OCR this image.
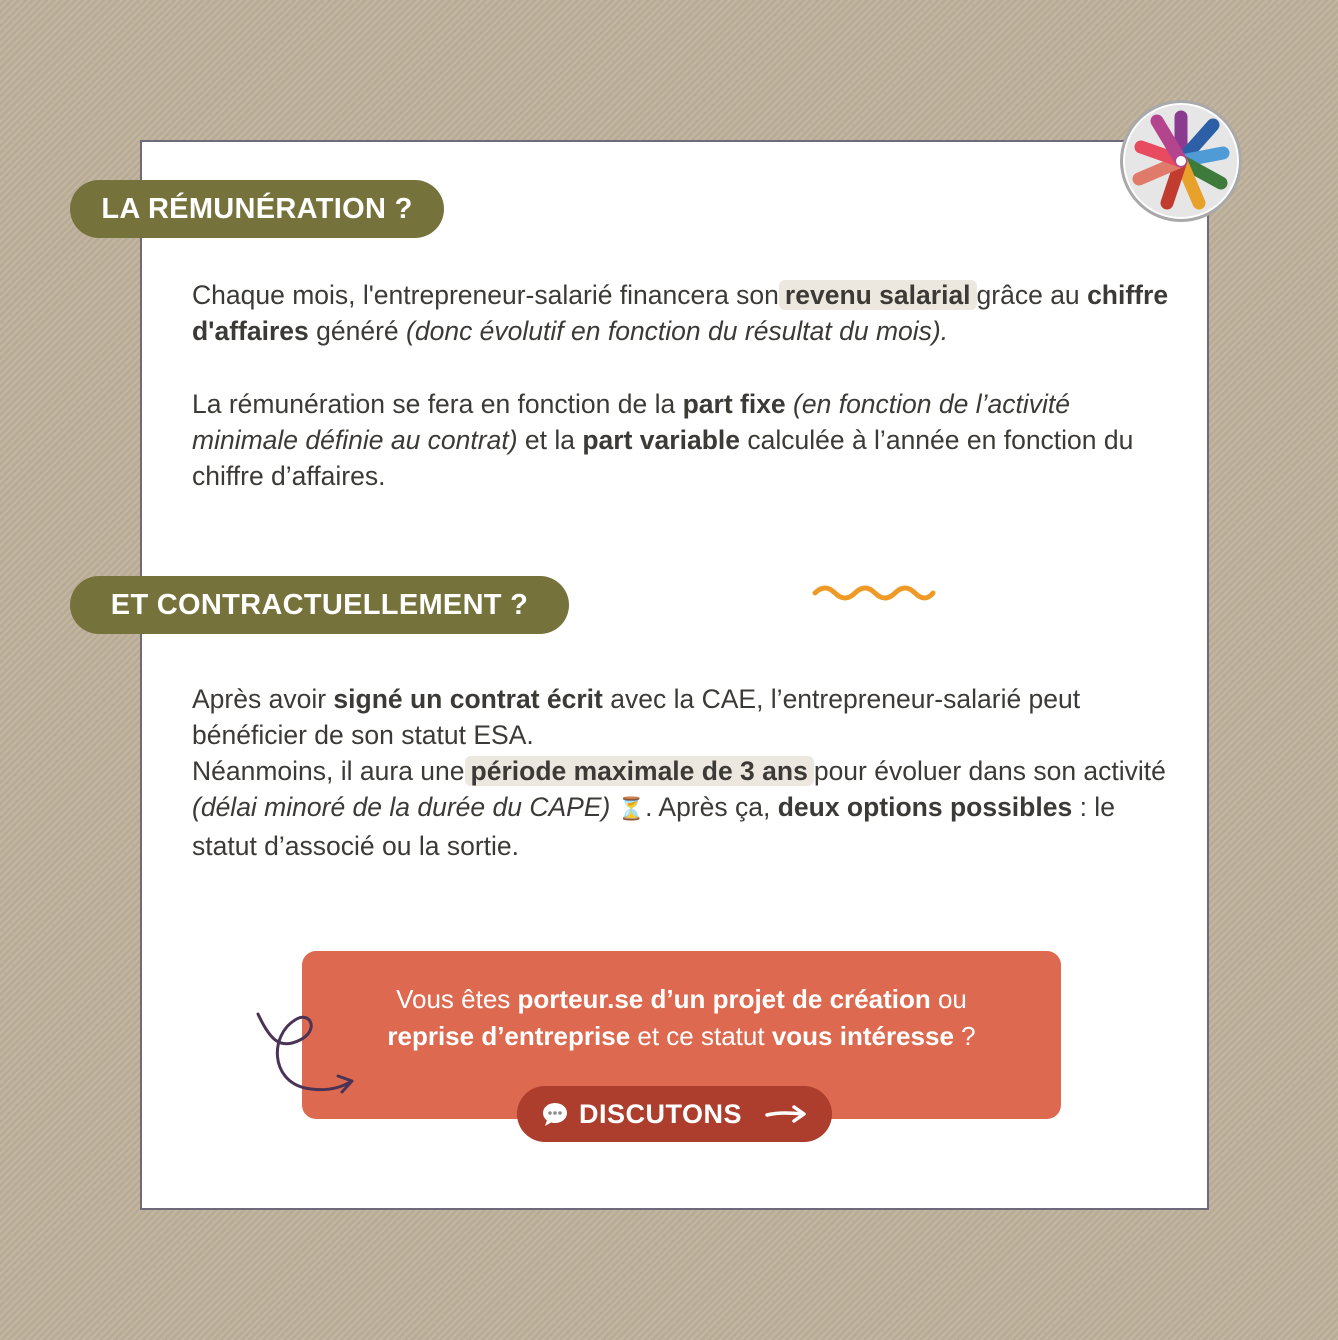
LA RÉMUNÉRATION ?
Chaque mois, l'entrepreneur-salarié financera son revenu salarial grâce au chiffre d'affaires généré (donc évolutif en fonction du résultat du mois).
La rémunération se fera en fonction de la part fixe (en fonction de l’activité minimale définie au contrat) et la part variable calculée à l’année en fonction du chiffre d’affaires.
ET CONTRACTUELLEMENT ?
Après avoir signé un contrat écrit avec la CAE, l’entrepreneur-salarié peut bénéficier de son statut ESA.
Néanmoins, il aura une période maximale de 3 ans pour évoluer dans son activité (délai minoré de la durée du CAPE) ⏳. Après ça, deux options possibles : le statut d’associé ou la sortie.
Vous êtes porteur.se d’un projet de création ou
reprise d’entreprise et ce statut vous intéresse ?
DISCUTONS
